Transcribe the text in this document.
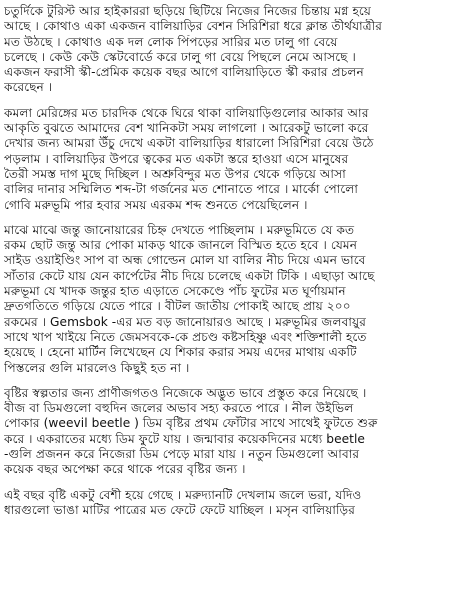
চতুর্দিকে টুরিস্ট আর হাইকাররা ছড়িয়ে ছিটিয়ে নিজের নিজের চিন্তায় মগ্ন হয়ে
আছে । কোথাও একা একজন বালিয়াড়ির বেশন সিরিশিরা ধরে ক্লান্ত তীর্থযাত্রীর
মত উঠছে । কোথাও এক দল লোক পিঁপড়ের সারির মত ঢালু গা বেয়ে
চলেছে । কেউ কেউ স্কেটবোর্ডে করে ঢালু গা বেয়ে পিছলে নেমে আসছে ।
একজন ফরাসী স্কী-প্রেমিক কয়েক বছর আগে বালিয়াড়িতে স্কী করার প্রচলন
করেছেন ।
কমলা মেরিঙ্গের মত চারদিক থেকে ঘিরে থাকা বালিয়াড়িগুলোর আকার আর
আকৃতি বুঝতে আমাদের বেশ খানিকটা সময় লাগলো । আরেকটু ভালো করে
দেখার জন্য আমরা উঁচু দেখে একটা বালিয়াড়ির ধারালো সিরিশিরা বেয়ে উঠে
পড়লাম । বালিয়াড়ির উপরে ত্বকের মত একটা স্তরে হাওয়া এসে মানুষের
তৈরী সমস্ত দাগ মুছে দিচ্ছিল । অশ্রুবিন্দুর মত উপর থেকে গড়িয়ে আসা
বালির দানার সম্মিলিত শব্দ-টা গর্জনের মত শোনাতে পারে । মার্কো পোলো
গোবি মরুভূমি পার হবার সময় এরকম শব্দ শুনতে পেয়েছিলেন ।
মাঝে মাঝে জন্তু জানোয়ারের চিহ্ন দেখতে পাচ্ছিলাম । মরুভূমিতে যে কত
রকম ছোট জন্তু আর পোকা মাকড় থাকে জানলে বিস্মিত হতে হবে । যেমন
সাইড ওয়াইণ্ডিং সাপ বা অন্ধ গোল্ডেন মোল যা বালির নীচ দিয়ে এমন ভাবে
সাঁতার কেটে যায় যেন কার্পেটের নীচ দিয়ে চলেছে একটা টিকি । এছাড়া আছে
মরুভূমা যে খাদক জন্তুর হাত এড়াতে সেকেণ্ডে পাঁচ ফুটের মত ঘূর্ণায়মান
দ্রুতগতিতে গড়িয়ে যেতে পারে । বীটল জাতীয় পোকাই আছে প্রায় ২০০
রকমের । Gemsbok -এর মত বড় জানোয়ারও আছে । মরুভূমির জলবায়ুর
সাথে খাপ খাইয়ে নিতে জেমসবকে-কে প্রচণ্ড কষ্টসহিষ্ণু এবং শক্তিশালী হতে
হয়েছে । হেনো মার্টিন লিখেছেন যে শিকার করার সময় এদের মাথায় একটি
পিস্তলের গুলি মারলেও কিছুই হত না ।
বৃষ্টির স্বল্পতার জন্য প্রাণীজগতও নিজেকে অদ্ভুত ভাবে প্রস্তুত করে নিয়েছে ।
বীজ বা ডিমগুলো বহুদিন জলের অভাব সহ্য করতে পারে । নীল উইভিল
পোকার (weevil beetle ) ডিম বৃষ্টির প্রথম ফোঁটার সাথে সাথেই ফুটতে শুরু
করে । একরাতের মধ্যে ডিম ফুটে যায় । জন্মাবার কয়েকদিনের মধ্যে beetle
-গুলি প্রজনন করে নিজেরা ডিম পেড়ে মারা যায় । নতুন ডিমগুলো আবার
কয়েক বছর অপেক্ষা করে থাকে পরের বৃষ্টির জন্য ।
এই বছর বৃষ্টি একটু বেশী হয়ে গেছে । মরুদ্যানটি দেখলাম জলে ভরা, যদিও
ধারগুলো ভাঙা মাটির পাত্রের মত ফেটে ফেটে যাচ্ছিল । মসৃন বালিয়াড়ির
